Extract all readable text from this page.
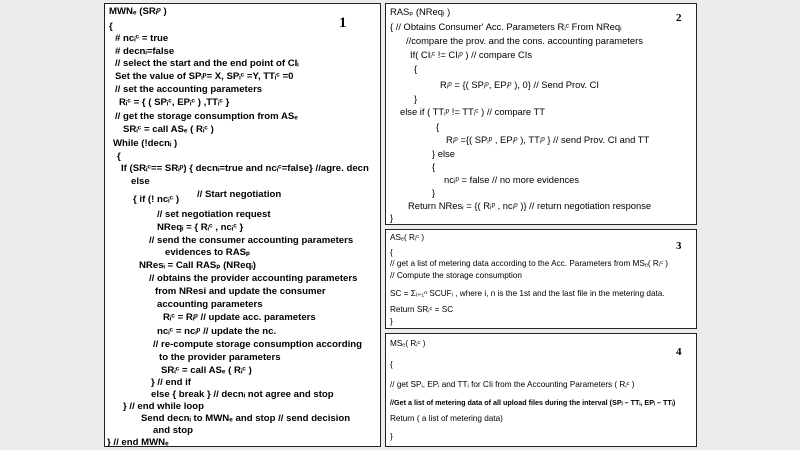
1
MWNₑ (SRᵢᵖ )
{
# ncᵢᶜ = true
# decnᵢ=false
// select the start and the end point of CIᵢ
Set the value of SPᵢᵖ= X, SPᵢᶜ =Y, TTᵢᶜ =0
// set the accounting parameters
Rᵢᶜ = { ( SPᵢᶜ, EPᵢᶜ ) ,TTᵢᶜ }
// get the storage consumption from ASₑ
SRᵢᶜ = call ASₑ ( Rᵢᶜ )
While (!decnᵢ )
{
If (SRᵢᶜ== SRᵢᵖ) { decnᵢ=true and ncᵢᶜ=false} //agre. decn
else
{ if (! ncᵢᶜ ) // Start negotiation
// set negotiation request
NReqᵢ = { Rᵢᶜ , ncᵢᶜ }
// send the consumer accounting parameters
evidences to RASₚ
NResᵢ = Call RASₚ (NReqᵢ)
// obtains the provider accounting parameters
from NResi and update the consumer
accounting parameters
Rᵢᶜ = Rᵢᵖ // update acc. parameters
ncᵢᶜ = ncᵢᵖ // update the nc.
// re-compute storage consumption according
to the provider parameters
SRᵢᶜ = call ASₑ ( Rᵢᶜ )
} // end if
else { break } // decnᵢ not agree and stop
} // end while loop
Send decnᵢ to MWNₑ and stop // send decision
and stop
} // end MWNₑ
2
RASₚ (NReqᵢ )
{ // Obtains Consumer' Acc. Parameters Rᵢᶜ From NReqᵢ
//compare the prov. and the cons. accounting parameters
If( CIᵢᶜ != CIᵢᵖ ) // compare CIs
{
Rᵢᵖ = {( SPᵢᵖ, EPᵢᵖ ), 0} // Send Prov. CI
}
else if ( TTᵢᵖ != TTᵢᶜ ) // compare TT
{
Rᵢᵖ ={( SPᵢᵖ , EPᵢᵖ ), TTᵢᵖ } // send Prov. CI and TT
} else
{
ncᵢᵖ = false // no more evidences
}
Return NResᵢ = {( Rᵢᵖ , ncᵢᵖ )} // return negotiation response
}
3
ASₑ( Rᵢᶜ )
{
// get a list of metering data according to the Acc. Parameters from MSₑ( Rᵢᶜ )
// Compute the storage consumption
SC = Σᵢ₌₁ⁿ SCUFᵢ , where i, n is the 1st and the last file in the metering data.
Return SRᵢᶜ = SC
}
4
MSₑ( Rᵢᶜ )
{
// get SPᵢ, EPᵢ and TTᵢ for CIi from the Accounting Parameters ( Rᵢᶜ )
//Get a list of metering data of all upload files during the interval (SPᵢ – TTᵢ, EPᵢ – TTᵢ)
Return ( a list of metering data)
}
